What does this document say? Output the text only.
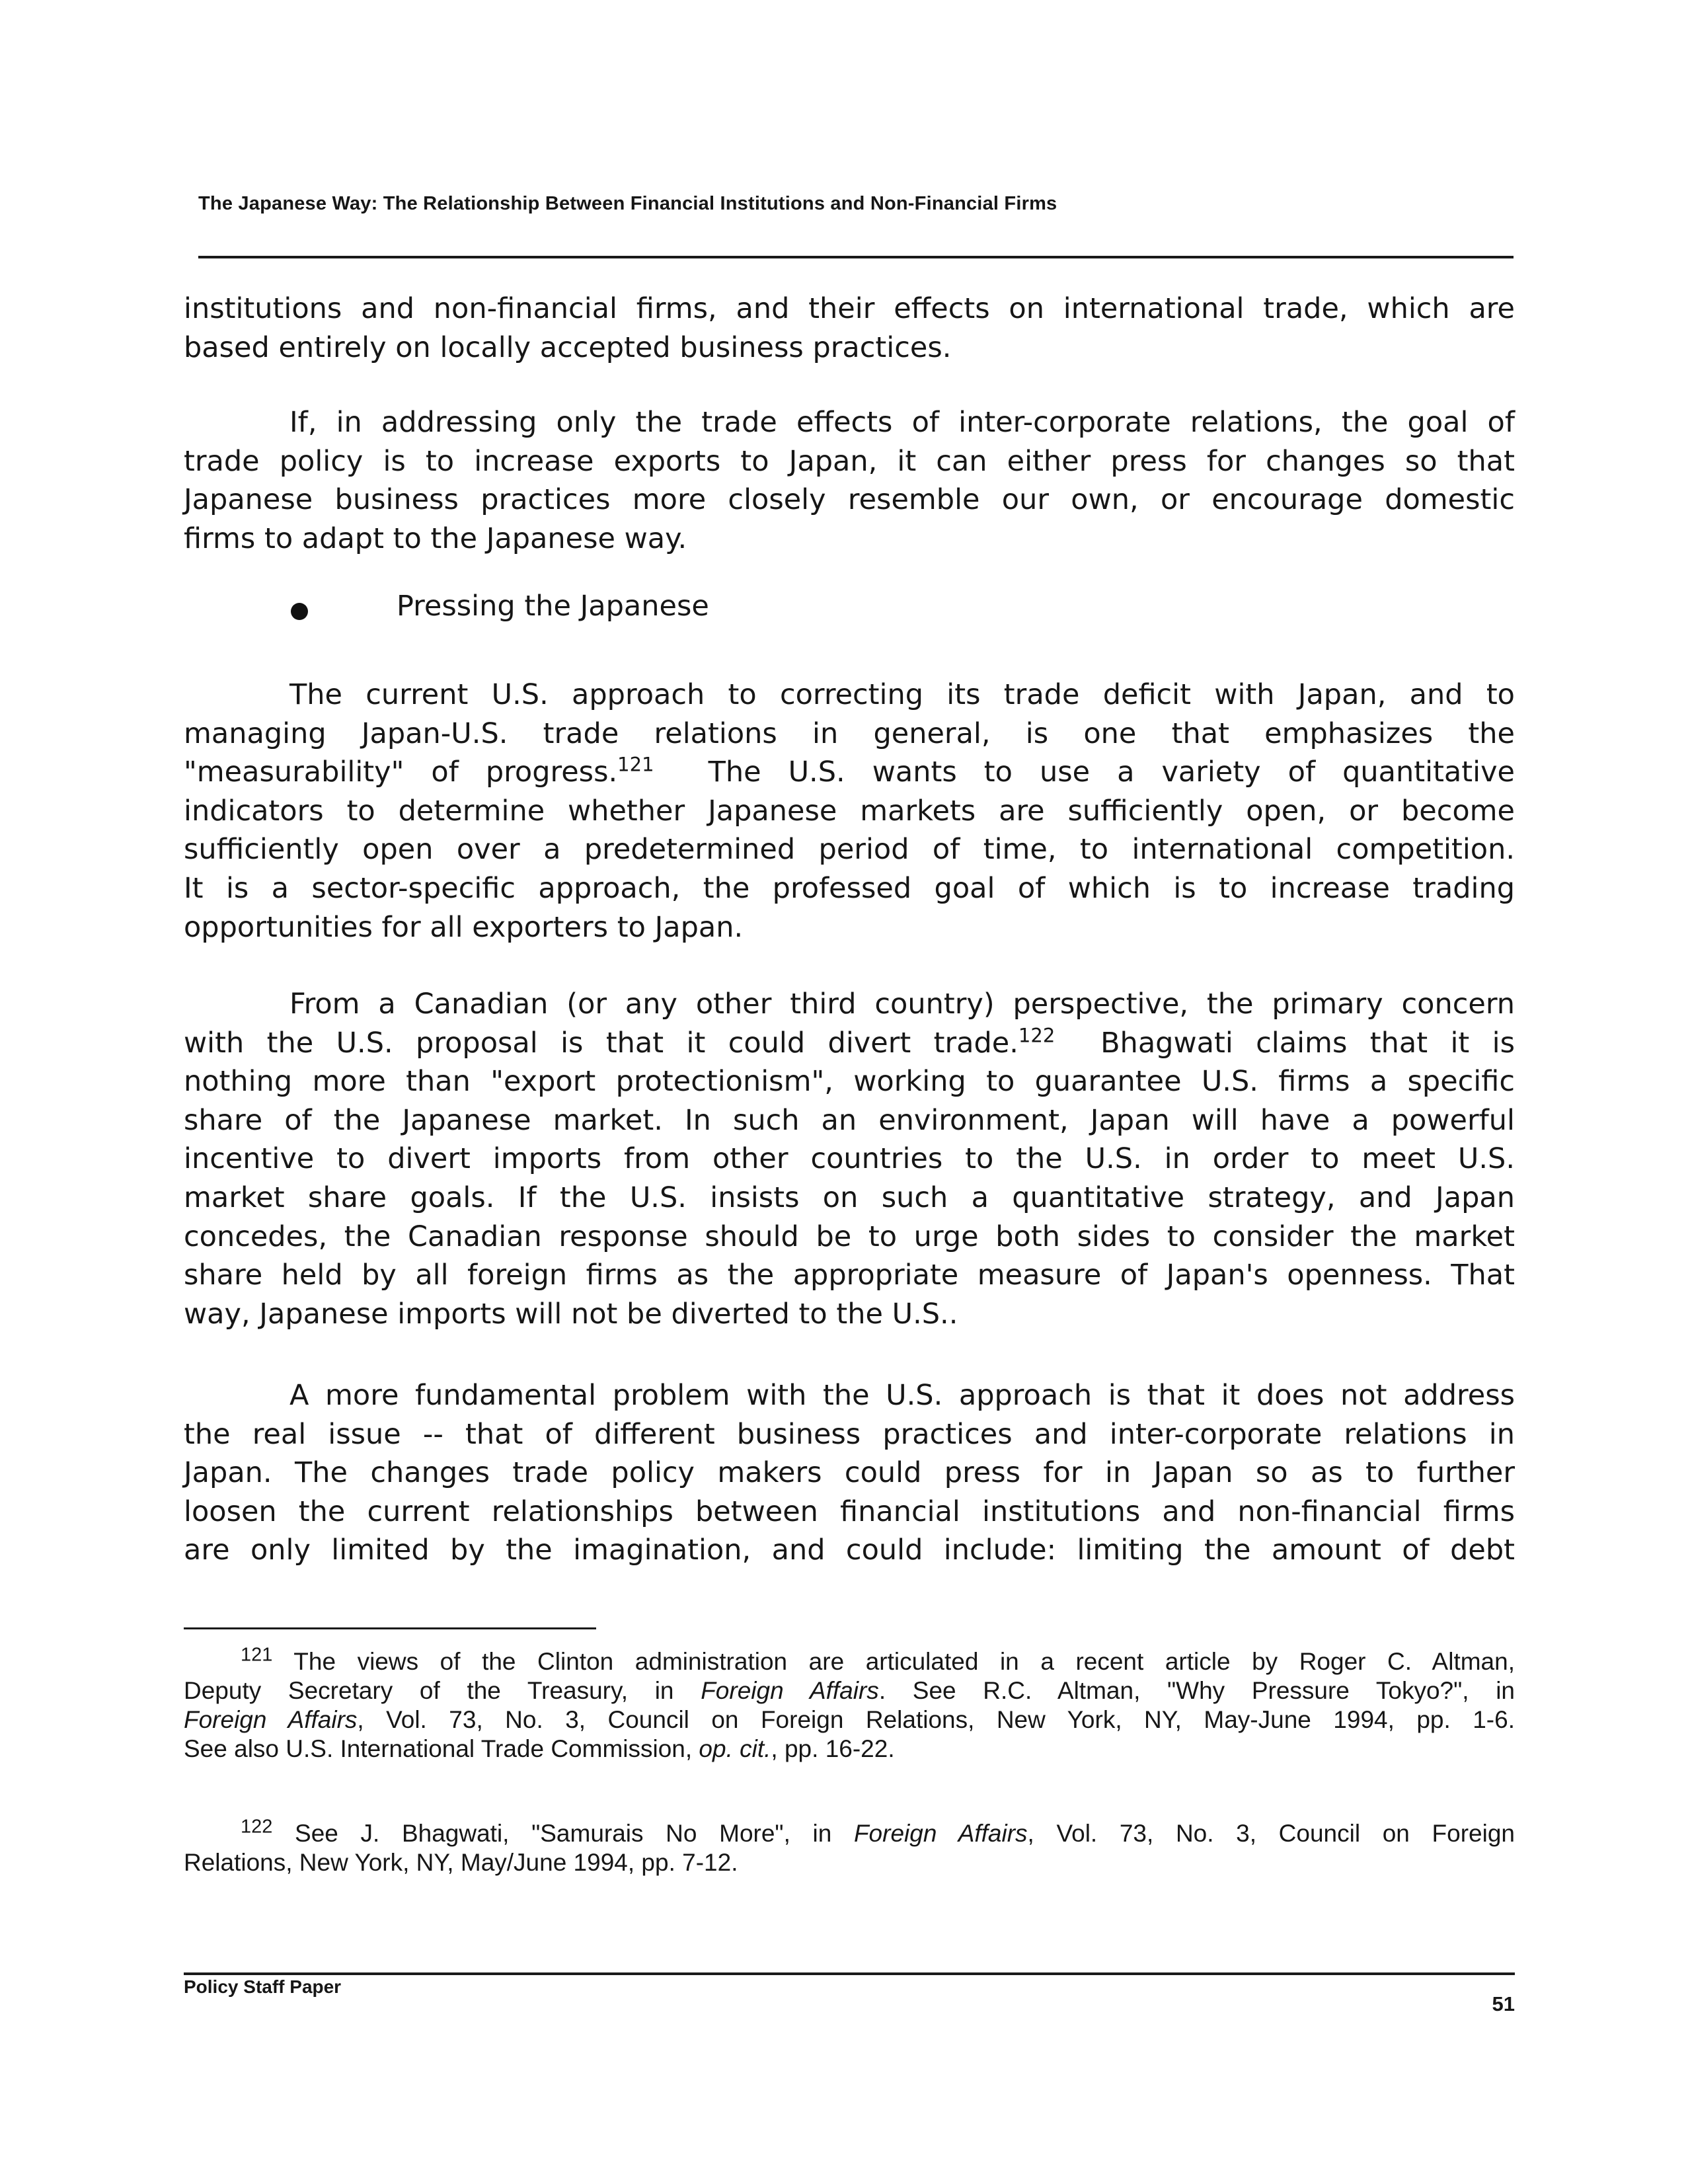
The Japanese Way: The Relationship Between Financial Institutions and Non-Financial Firms
institutions and non-financial firms, and their effects on international trade, which are
based entirely on locally accepted business practices.
If, in addressing only the trade effects of inter-corporate relations, the goal of
trade policy is to increase exports to Japan, it can either press for changes so that
Japanese business practices more closely resemble our own, or encourage domestic
firms to adapt to the Japanese way.
Pressing the Japanese
The current U.S. approach to correcting its trade deficit with Japan, and to
managing Japan-U.S. trade relations in general, is one that emphasizes the
"measurability" of progress.$^{121}$ The U.S. wants to use a variety of quantitative
indicators to determine whether Japanese markets are sufficiently open, or become
sufficiently open over a predetermined period of time, to international competition.
It is a sector-specific approach, the professed goal of which is to increase trading
opportunities for all exporters to Japan.
From a Canadian (or any other third country) perspective, the primary concern
with the U.S. proposal is that it could divert trade.$^{122}$ Bhagwati claims that it is
nothing more than "export protectionism", working to guarantee U.S. firms a specific
share of the Japanese market. In such an environment, Japan will have a powerful
incentive to divert imports from other countries to the U.S. in order to meet U.S.
market share goals. If the U.S. insists on such a quantitative strategy, and Japan
concedes, the Canadian response should be to urge both sides to consider the market
share held by all foreign firms as the appropriate measure of Japan's openness. That
way, Japanese imports will not be diverted to the U.S..
A more fundamental problem with the U.S. approach is that it does not address
the real issue -- that of different business practices and inter-corporate relations in
Japan. The changes trade policy makers could press for in Japan so as to further
loosen the current relationships between financial institutions and non-financial firms
are only limited by the imagination, and could include: limiting the amount of debt
$^{121}$ The views of the Clinton administration are articulated in a recent article by Roger C. Altman,
Deputy Secretary of the Treasury, in Foreign Affairs. See R.C. Altman, "Why Pressure Tokyo?", in
Foreign Affairs, Vol. 73, No. 3, Council on Foreign Relations, New York, NY, May-June 1994, pp. 1-6.
See also U.S. International Trade Commission, op. cit., pp. 16-22.
$^{122}$ See J. Bhagwati, "Samurais No More", in Foreign Affairs, Vol. 73, No. 3, Council on Foreign
Relations, New York, NY, May/June 1994, pp. 7-12.
Policy Staff Paper
51
